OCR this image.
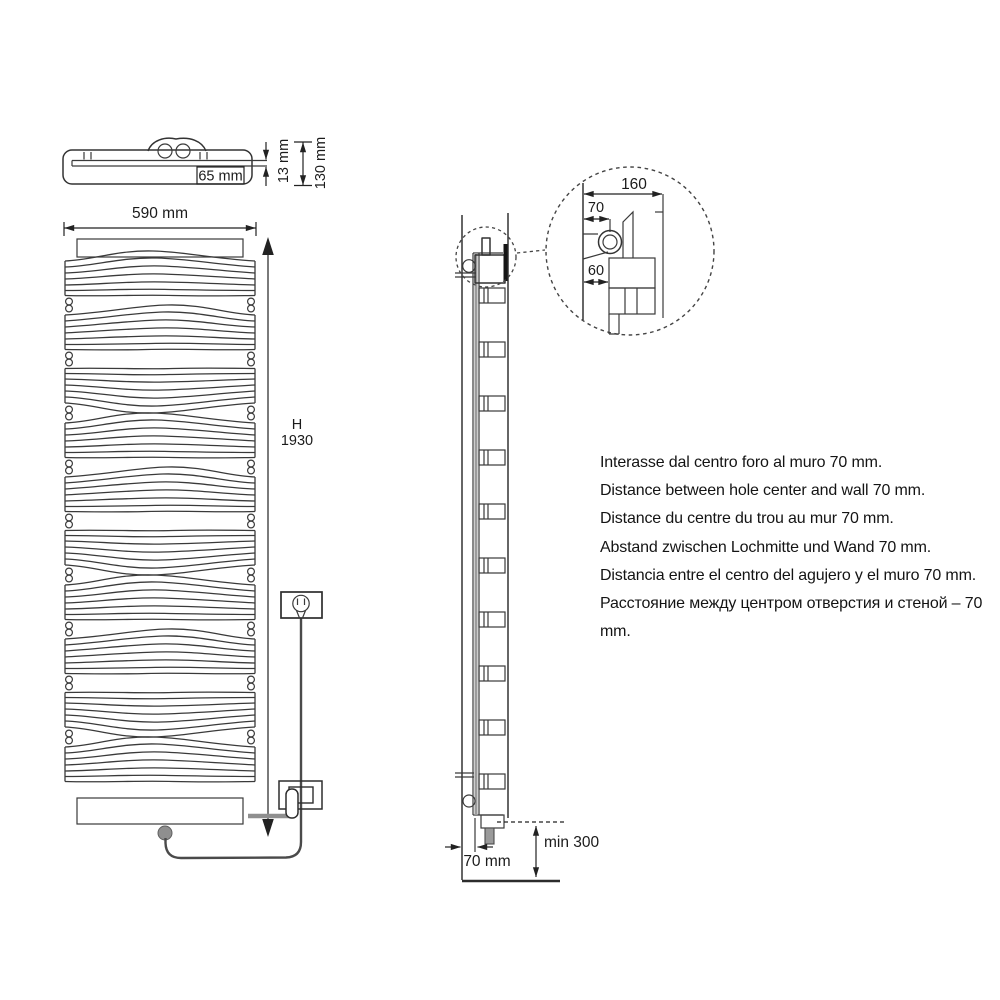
65 mm 13 mm 130 mm
590 mm
H
1930
70 mm
min 300
160
70
60

Interasse dal centro foro al muro 70 mm.

Distance between hole center and wall 70 mm.

Distance du centre du trou au mur 70 mm.

Abstand zwischen Lochmitte und Wand 70 mm.

Distancia entre el centro del agujero y el muro 70 mm.

Расстояние между центром отверстия и стеной – 70 mm.
